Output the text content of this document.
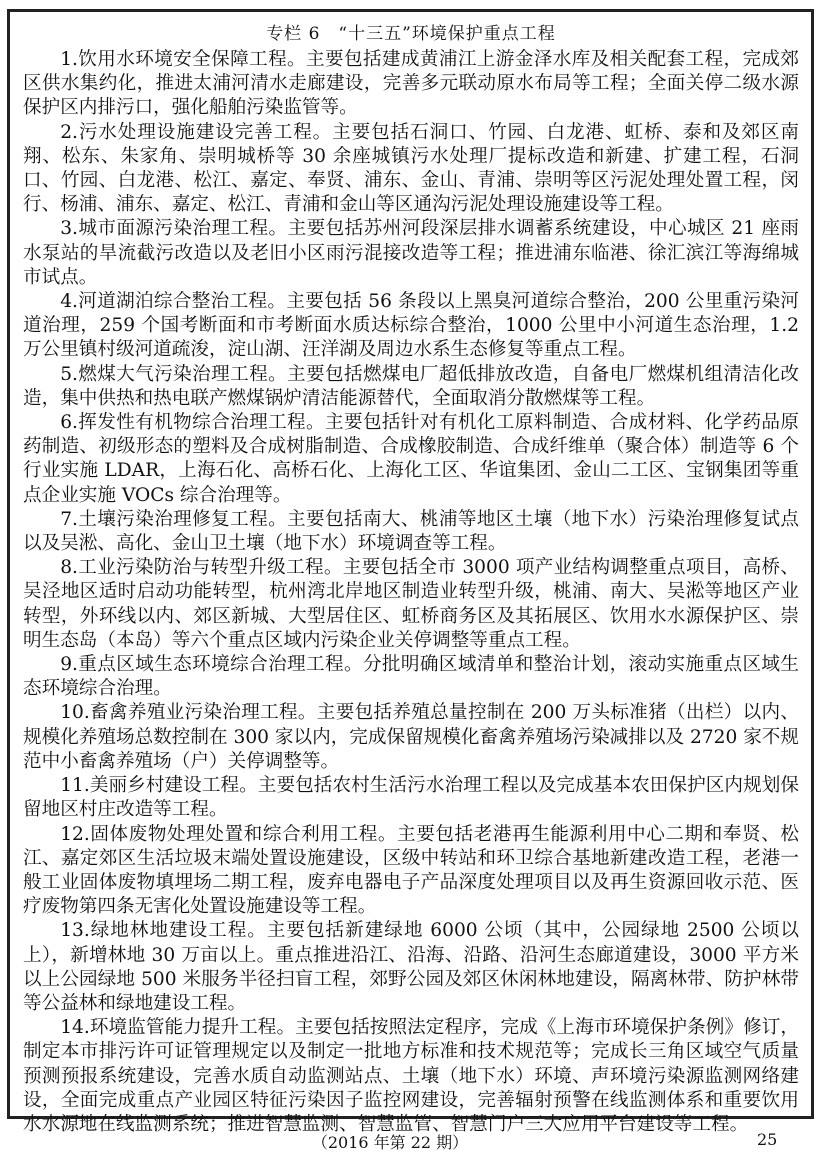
专栏 6　“十三五”环境保护重点工程

1.饮用水环境安全保障工程。主要包括建成黄浦江上游金泽水库及相关配套工程，完成郊区供水集约化，推进太浦河清水走廊建设，完善多元联动原水布局等工程；全面关停二级水源保护区内排污口，强化船舶污染监管等。

2.污水处理设施建设完善工程。主要包括石洞口、竹园、白龙港、虹桥、泰和及郊区南翔、松东、朱家角、崇明城桥等 30 余座城镇污水处理厂提标改造和新建、扩建工程，石洞口、竹园、白龙港、松江、嘉定、奉贤、浦东、金山、青浦、崇明等区污泥处理处置工程，闵行、杨浦、浦东、嘉定、松江、青浦和金山等区通沟污泥处理设施建设等工程。

3.城市面源污染治理工程。主要包括苏州河段深层排水调蓄系统建设，中心城区 21 座雨水泵站的旱流截污改造以及老旧小区雨污混接改造等工程；推进浦东临港、徐汇滨江等海绵城市试点。

4.河道湖泊综合整治工程。主要包括 56 条段以上黑臭河道综合整治，200 公里重污染河道治理，259 个国考断面和市考断面水质达标综合整治，1000 公里中小河道生态治理，1.2 万公里镇村级河道疏浚，淀山湖、汪洋湖及周边水系生态修复等重点工程。

5.燃煤大气污染治理工程。主要包括燃煤电厂超低排放改造，自备电厂燃煤机组清洁化改造，集中供热和热电联产燃煤锅炉清洁能源替代，全面取消分散燃煤等工程。

6.挥发性有机物综合治理工程。主要包括针对有机化工原料制造、合成材料、化学药品原药制造、初级形态的塑料及合成树脂制造、合成橡胶制造、合成纤维单（聚合体）制造等 6 个行业实施 LDAR，上海石化、高桥石化、上海化工区、华谊集团、金山二工区、宝钢集团等重点企业实施 VOCs 综合治理等。

7.土壤污染治理修复工程。主要包括南大、桃浦等地区土壤（地下水）污染治理修复试点以及吴淞、高化、金山卫土壤（地下水）环境调查等工程。

8.工业污染防治与转型升级工程。主要包括全市 3000 项产业结构调整重点项目，高桥、吴泾地区适时启动功能转型，杭州湾北岸地区制造业转型升级，桃浦、南大、吴淞等地区产业转型，外环线以内、郊区新城、大型居住区、虹桥商务区及其拓展区、饮用水水源保护区、崇明生态岛（本岛）等六个重点区域内污染企业关停调整等重点工程。

9.重点区域生态环境综合治理工程。分批明确区域清单和整治计划，滚动实施重点区域生态环境综合治理。

10.畜禽养殖业污染治理工程。主要包括养殖总量控制在 200 万头标准猪（出栏）以内、规模化养殖场总数控制在 300 家以内，完成保留规模化畜禽养殖场污染减排以及 2720 家不规范中小畜禽养殖场（户）关停调整等。

11.美丽乡村建设工程。主要包括农村生活污水治理工程以及完成基本农田保护区内规划保留地区村庄改造等工程。

12.固体废物处理处置和综合利用工程。主要包括老港再生能源利用中心二期和奉贤、松江、嘉定郊区生活垃圾末端处置设施建设，区级中转站和环卫综合基地新建改造工程，老港一般工业固体废物填埋场二期工程，废弃电器电子产品深度处理项目以及再生资源回收示范、医疗废物第四条无害化处置设施建设等工程。

13.绿地林地建设工程。主要包括新建绿地 6000 公顷（其中，公园绿地 2500 公顷以上），新增林地 30 万亩以上。重点推进沿江、沿海、沿路、沿河生态廊道建设，3000 平方米以上公园绿地 500 米服务半径扫盲工程，郊野公园及郊区休闲林地建设，隔离林带、防护林带等公益林和绿地建设工程。

14.环境监管能力提升工程。主要包括按照法定程序，完成《上海市环境保护条例》修订，制定本市排污许可证管理规定以及制定一批地方标准和技术规范等；完成长三角区域空气质量预测预报系统建设，完善水质自动监测站点、土壤（地下水）环境、声环境污染源监测网络建设，全面完成重点产业园区特征污染因子监控网建设，完善辐射预警在线监测体系和重要饮用水水源地在线监测系统；推进智慧监测、智慧监管、智慧门户三大应用平台建设等工程。

（2016 年第 22 期）	25
